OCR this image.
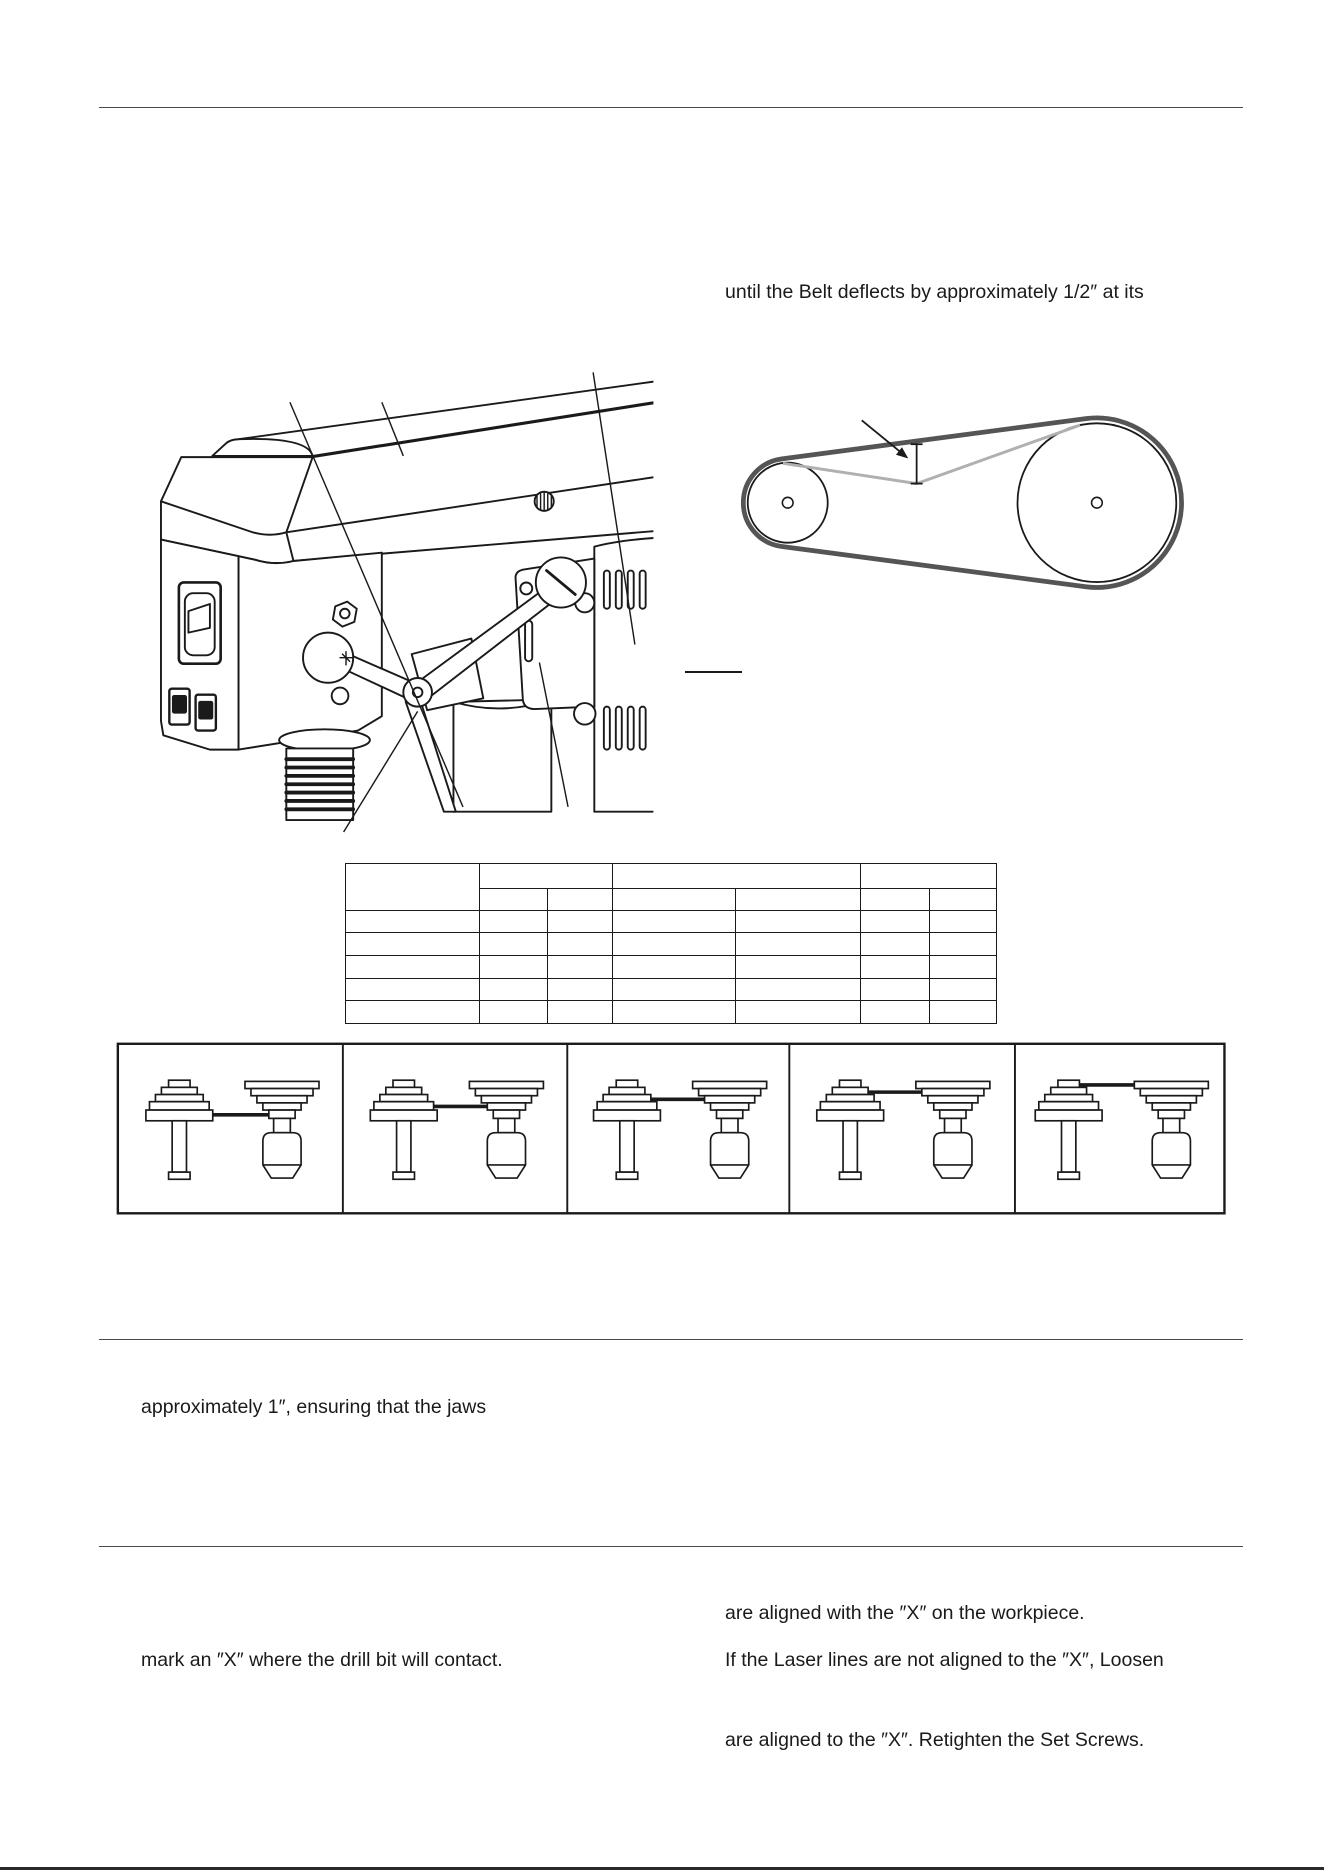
until the Belt deflects by approximately 1/2″ at its

approximately 1″, ensuring that the jaws
are aligned with the ″X″ on the workpiece.
mark an ″X″ where the drill bit will contact.	If the Laser lines are not aligned to the ″X″, Loosen
are aligned to the ″X″. Retighten the Set Screws.
